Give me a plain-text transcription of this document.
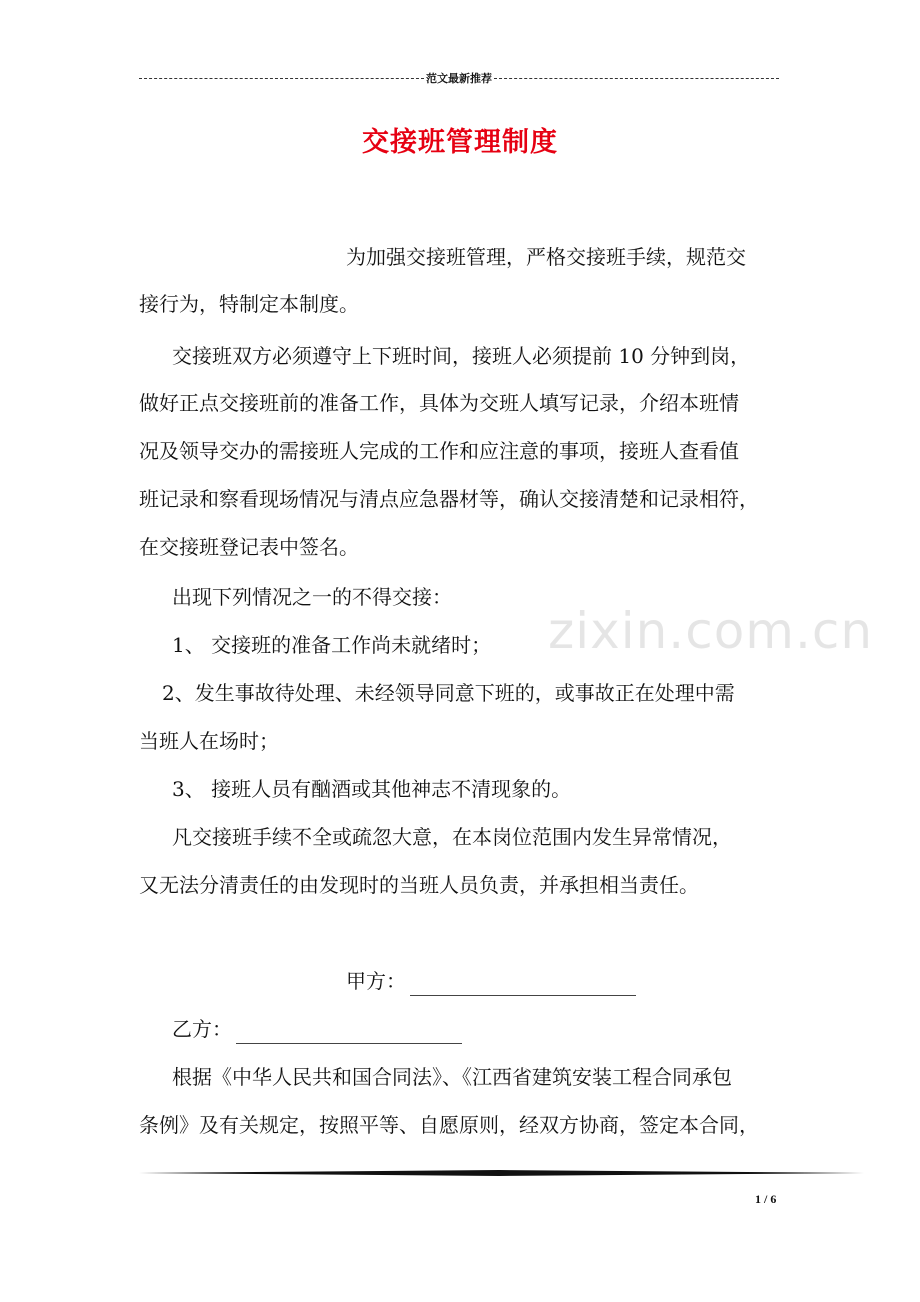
范文最新推荐
交接班管理制度
zixin.com.cn
为加强交接班管理，严格交接班手续，规范交
接行为，特制定本制度。
交接班双方必须遵守上下班时间，接班人必须提前 10 分钟到岗，
做好正点交接班前的准备工作，具体为交班人填写记录，介绍本班情
况及领导交办的需接班人完成的工作和应注意的事项，接班人查看值
班记录和察看现场情况与清点应急器材等，确认交接清楚和记录相符，
在交接班登记表中签名。
出现下列情况之一的不得交接：
1、 交接班的准备工作尚未就绪时；
2、发生事故待处理、未经领导同意下班的，或事故正在处理中需
当班人在场时；
3、 接班人员有酗酒或其他神志不清现象的。
凡交接班手续不全或疏忽大意，在本岗位范围内发生异常情况，
又无法分清责任的由发现时的当班人员负责，并承担相当责任。
甲方：
乙方：
根据《中华人民共和国合同法》、《江西省建筑安装工程合同承包
条例》及有关规定，按照平等、自愿原则，经双方协商，签定本合同，
1 / 6
